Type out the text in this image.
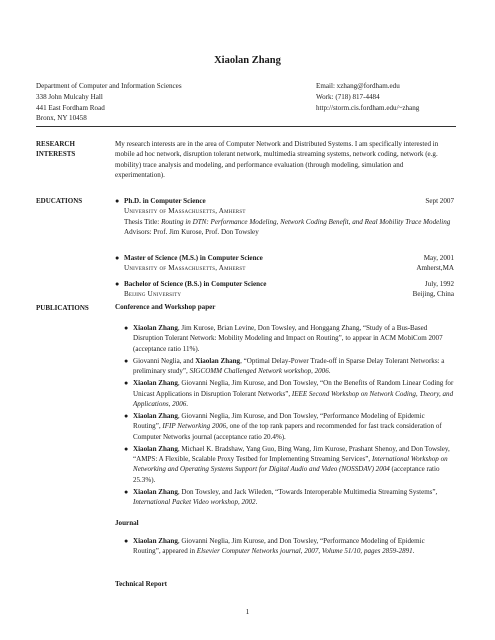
Xiaolan Zhang
Department of Computer and Information Sciences
338 John Mulcahy Hall
441 East Fordham Road
Bronx, NY 10458
Email: xzhang@fordham.edu
Work: (718) 817-4484
http://storm.cis.fordham.edu/~zhang
RESEARCH
INTERESTS
My research interests are in the area of Computer Network and Distributed Systems. I am specifically interested in mobile ad hoc network, disruption tolerant network, multimedia streaming systems, network coding, network (e.g. mobility) trace analysis and modeling, and performance evaluation (through modeling, simulation and experimentation).
EDUCATIONS	● Ph.D. in Computer Science	Sept 2007
University of Massachusetts, Amherst
Thesis Title: Routing in DTN: Performance Modeling, Network Coding Benefit, and Real Mobility Trace Modeling
Advisors: Prof. Jim Kurose, Prof. Don Towsley
● Master of Science (M.S.) in Computer Science	May, 2001
University of Massachusetts, Amherst	Amherst,MA
● Bachelor of Science (B.S.) in Computer Science	July, 1992
Beijing University	Beijing, China
PUBLICATIONS	Conference and Workshop paper
● Xiaolan Zhang, Jim Kurose, Brian Levine, Don Towsley, and Honggang Zhang, “Study of a Bus-Based Disruption Tolerant Network: Mobility Modeling and Impact on Routing”, to appear in ACM MobiCom 2007 (acceptance ratio 11%).
● Giovanni Neglia, and Xiaolan Zhang, “Optimal Delay-Power Trade-off in Sparse Delay Tolerant Networks: a preliminary study”, SIGCOMM Challenged Network workshop, 2006.
● Xiaolan Zhang, Giovanni Neglia, Jim Kurose, and Don Towsley, “On the Benefits of Random Linear Coding for Unicast Applications in Disruption Tolerant Networks”, IEEE Second Workshop on Network Coding, Theory, and Applications, 2006.
● Xiaolan Zhang, Giovanni Neglia, Jim Kurose, and Don Towsley, “Performance Modeling of Epidemic Routing”, IFIP Networking 2006, one of the top rank papers and recommended for fast track consideration of Computer Networks journal (acceptance ratio 20.4%).
● Xiaolan Zhang, Michael K. Bradshaw, Yang Guo, Bing Wang, Jim Kurose, Prashant Shenoy, and Don Towsley, “AMPS: A Flexible, Scalable Proxy Testbed for Implementing Streaming Services”, International Workshop on Networking and Operating Systems Support for Digital Audio and Video (NOSSDAV) 2004 (acceptance ratio 25.3%).
● Xiaolan Zhang, Don Towsley, and Jack Wileden, “Towards Interoperable Multimedia Streaming Systems”, International Packet Video workshop, 2002.
Journal
● Xiaolan Zhang, Giovanni Neglia, Jim Kurose, and Don Towsley, “Performance Modeling of Epidemic Routing”, appeared in Elsevier Computer Networks journal, 2007, Volume 51/10, pages 2859-2891.
Technical Report
1
